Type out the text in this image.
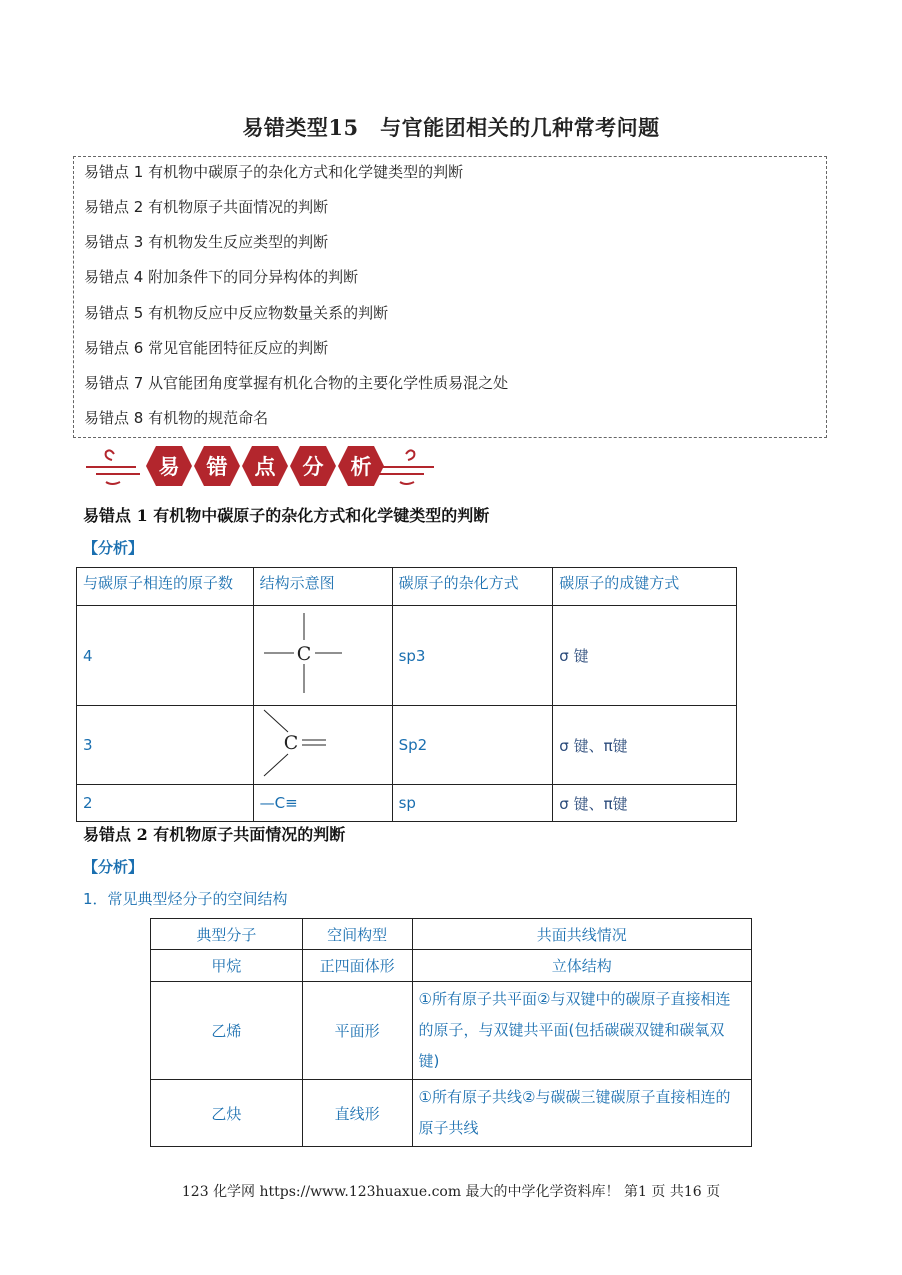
易错类型15　与官能团相关的几种常考问题
易错点 1 有机物中碳原子的杂化方式和化学键类型的判断
易错点 2 有机物原子共面情况的判断
易错点 3 有机物发生反应类型的判断
易错点 4 附加条件下的同分异构体的判断
易错点 5 有机物反应中反应物数量关系的判断
易错点 6 常见官能团特征反应的判断
易错点 7 从官能团角度掌握有机化合物的主要化学性质易混之处
易错点 8 有机物的规范命名
易 错 点 分 析
易错点 1 有机物中碳原子的杂化方式和化学键类型的判断
【分析】
与碳原子相连的原子数	结构示意图	碳原子的杂化方式	碳原子的成键方式
4	C	sp3	σ 键
3	C	Sp2	σ 键、π键
2	—C≡	sp	σ 键、π键
易错点 2 有机物原子共面情况的判断
【分析】
1．常见典型烃分子的空间结构
典型分子	空间构型	共面共线情况
甲烷	正四面体形	立体结构
乙烯	平面形	①所有原子共平面②与双键中的碳原子直接相连的原子，与双键共平面(包括碳碳双键和碳氧双键)
乙炔	直线形	①所有原子共线②与碳碳三键碳原子直接相连的原子共线
123 化学网 https://www.123huaxue.com 最大的中学化学资料库！ 第1 页 共16 页
